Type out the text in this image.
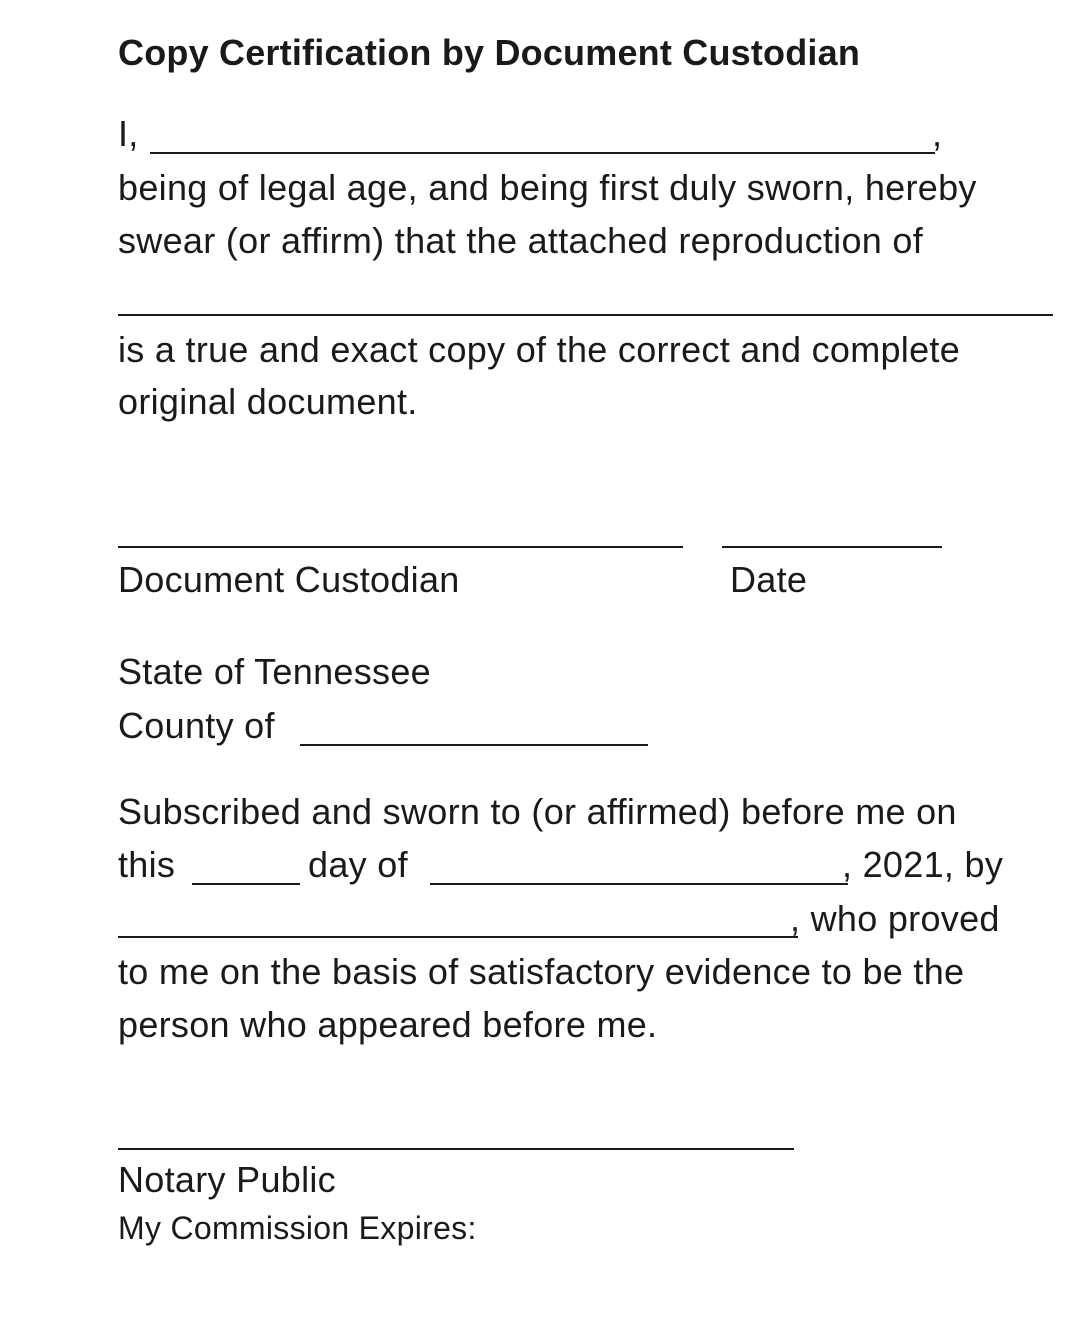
Copy Certification by Document Custodian
I,	,
being of legal age, and being first duly sworn, hereby
swear (or affirm) that the attached reproduction of
is a true and exact copy of the correct and complete
original document.
Document Custodian	Date
State of Tennessee
County of
Subscribed and sworn to (or affirmed) before me on
this	day of	, 2021, by
, who proved
to me on the basis of satisfactory evidence to be the
person who appeared before me.
Notary Public
My Commission Expires:
